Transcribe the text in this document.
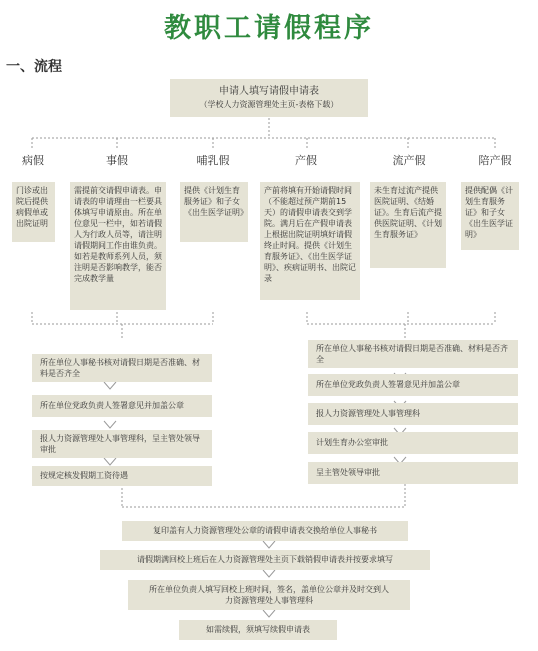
教职工请假程序
一、流程
申请人填写请假申请表
（学校人力资源管理处主页-表格下载）
病假	事假	哺乳假	产假	流产假	陪产假
门诊或出院后提供病假单或出院证明
需提前交请假申请表。申请表的申请理由一栏要具体填写申请原由。所在单位意见一栏中，如若请假人为行政人员等，请注明请假期间工作由谁负责。如若是教师系列人员，须注明是否影响教学，能否完成教学量
提供《计划生育服务证》和子女《出生医学证明》
产前将填有开始请假时间（不能超过预产期前15天）的请假申请表交到学院。满月后在产假申请表上根据出院证明填好请假终止时间。提供《计划生育服务证》、《出生医学证明》、疾病证明书、出院记录
未生育过流产提供医院证明、《结婚证》。生育后流产提供医院证明、《计划生育服务证》
提供配偶《计划生育服务证》和子女《出生医学证明》
所在单位人事秘书核对请假日期是否准确、材料是否齐全
所在单位党政负责人签署意见并加盖公章
报人力资源管理处人事管理科，呈主管处领导审批
按规定核发假期工资待遇
所在单位人事秘书核对请假日期是否准确、材料是否齐全
所在单位党政负责人签署意见并加盖公章
报人力资源管理处人事管理科
计划生育办公室审批
呈主管处领导审批
复印盖有人力资源管理处公章的请假申请表交换给单位人事秘书
请假期满回校上班后在人力资源管理处主页下载销假申请表并按要求填写
所在单位负责人填写回校上班时间，签名，盖单位公章并及时交到人力资源管理处人事管理科
如需续假，须填写续假申请表
